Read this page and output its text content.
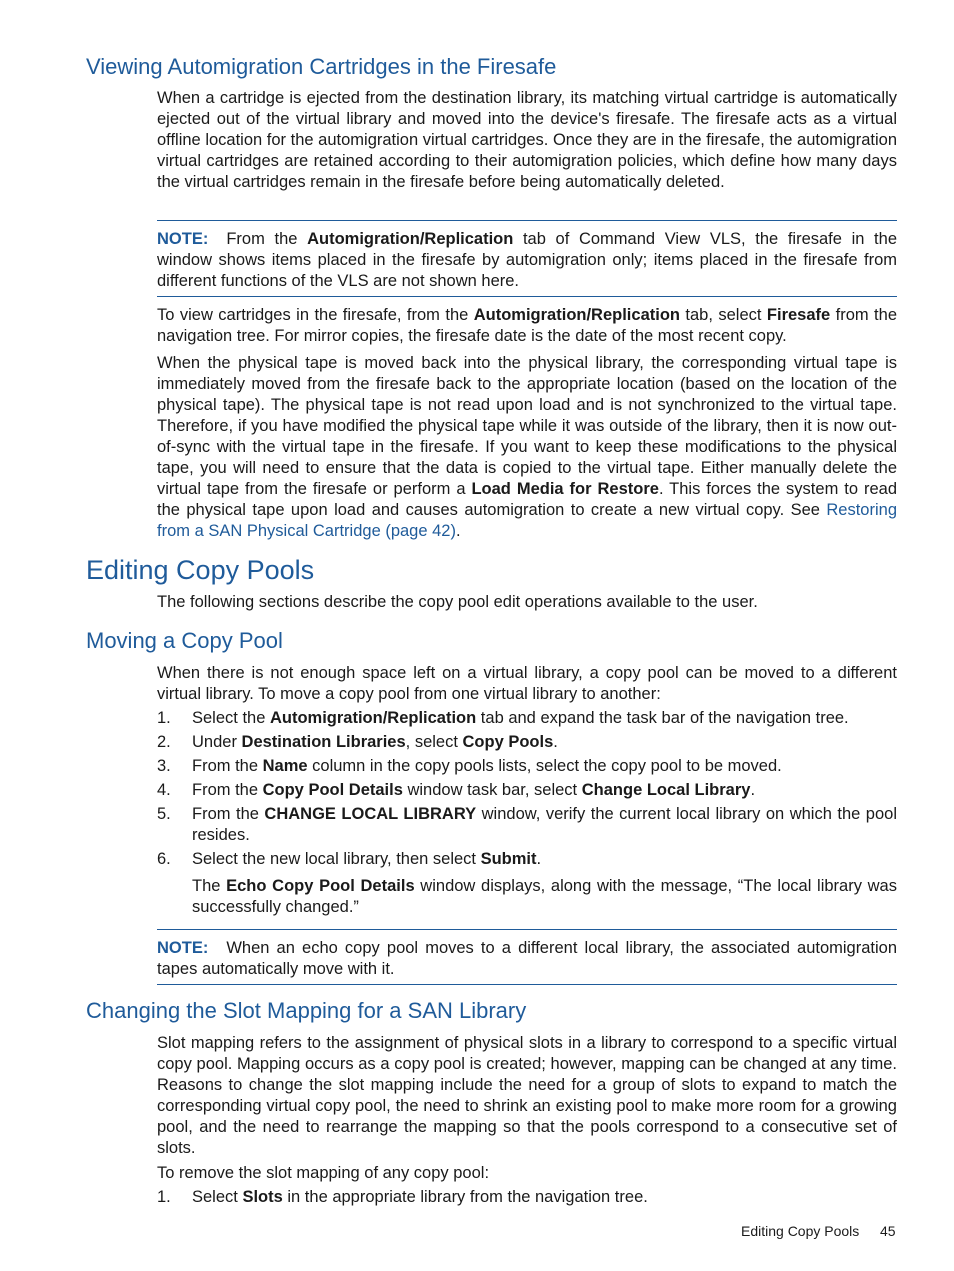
Viewing Automigration Cartridges in the Firesafe

When a cartridge is ejected from the destination library, its matching virtual cartridge is automatically ejected out of the virtual library and moved into the device's firesafe. The firesafe acts as a virtual offline location for the automigration virtual cartridges. Once they are in the firesafe, the automigration virtual cartridges are retained according to their automigration policies, which define how many days the virtual cartridges remain in the firesafe before being automatically deleted.

NOTE: From the Automigration/Replication tab of Command View VLS, the firesafe in the window shows items placed in the firesafe by automigration only; items placed in the firesafe from different functions of the VLS are not shown here.

To view cartridges in the firesafe, from the Automigration/Replication tab, select Firesafe from the navigation tree. For mirror copies, the firesafe date is the date of the most recent copy.

When the physical tape is moved back into the physical library, the corresponding virtual tape is immediately moved from the firesafe back to the appropriate location (based on the location of the physical tape). The physical tape is not read upon load and is not synchronized to the virtual tape. Therefore, if you have modified the physical tape while it was outside of the library, then it is now out-of-sync with the virtual tape in the firesafe. If you want to keep these modifications to the physical tape, you will need to ensure that the data is copied to the virtual tape. Either manually delete the virtual tape from the firesafe or perform a Load Media for Restore. This forces the system to read the physical tape upon load and causes automigration to create a new virtual copy. See Restoring from a SAN Physical Cartridge (page 42).

Editing Copy Pools

The following sections describe the copy pool edit operations available to the user.

Moving a Copy Pool

When there is not enough space left on a virtual library, a copy pool can be moved to a different virtual library. To move a copy pool from one virtual library to another:

1. Select the Automigration/Replication tab and expand the task bar of the navigation tree.
2. Under Destination Libraries, select Copy Pools.
3. From the Name column in the copy pools lists, select the copy pool to be moved.
4. From the Copy Pool Details window task bar, select Change Local Library.
5. From the CHANGE LOCAL LIBRARY window, verify the current local library on which the pool resides.
6. Select the new local library, then select Submit.
The Echo Copy Pool Details window displays, along with the message, “The local library was successfully changed.”

NOTE: When an echo copy pool moves to a different local library, the associated automigration tapes automatically move with it.

Changing the Slot Mapping for a SAN Library

Slot mapping refers to the assignment of physical slots in a library to correspond to a specific virtual copy pool. Mapping occurs as a copy pool is created; however, mapping can be changed at any time. Reasons to change the slot mapping include the need for a group of slots to expand to match the corresponding virtual copy pool, the need to shrink an existing pool to make more room for a growing pool, and the need to rearrange the mapping so that the pools correspond to a consecutive set of slots.

To remove the slot mapping of any copy pool:

1. Select Slots in the appropriate library from the navigation tree.
Editing Copy Pools 45
